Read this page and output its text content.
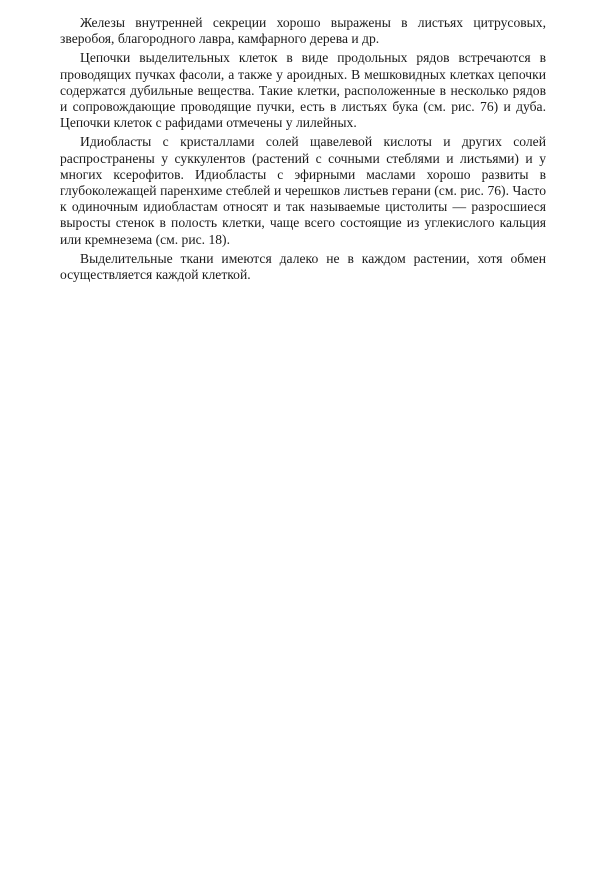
Железы внутренней секреции хорошо выражены в листьях цитрусовых, зверобоя, благородного лавра, камфарного дерева и др.

Цепочки выделительных клеток в виде продольных рядов встречаются в проводящих пучках фасоли, а также у ароидных. В мешковидных клетках цепочки содержатся дубильные вещества. Такие клетки, расположенные в несколько рядов и сопровождающие проводящие пучки, есть в листьях бука (см. рис. 76) и дуба. Цепочки клеток с рафидами отмечены у лилейных.

Идиобласты с кристаллами солей щавелевой кислоты и других солей распространены у суккулентов (растений с сочными стеблями и листьями) и у многих ксерофитов. Идиобласты с эфирными маслами хорошо развиты в глубоколежащей паренхиме стеблей и черешков листьев герани (см. рис. 76). Часто к одиночным идиобластам относят и так называемые цистолиты — разросшиеся выросты стенок в полость клетки, чаще всего состоящие из углекислого кальция или кремнезема (см. рис. 18).

Выделительные ткани имеются далеко не в каждом растении, хотя обмен осуществляется каждой клеткой.
